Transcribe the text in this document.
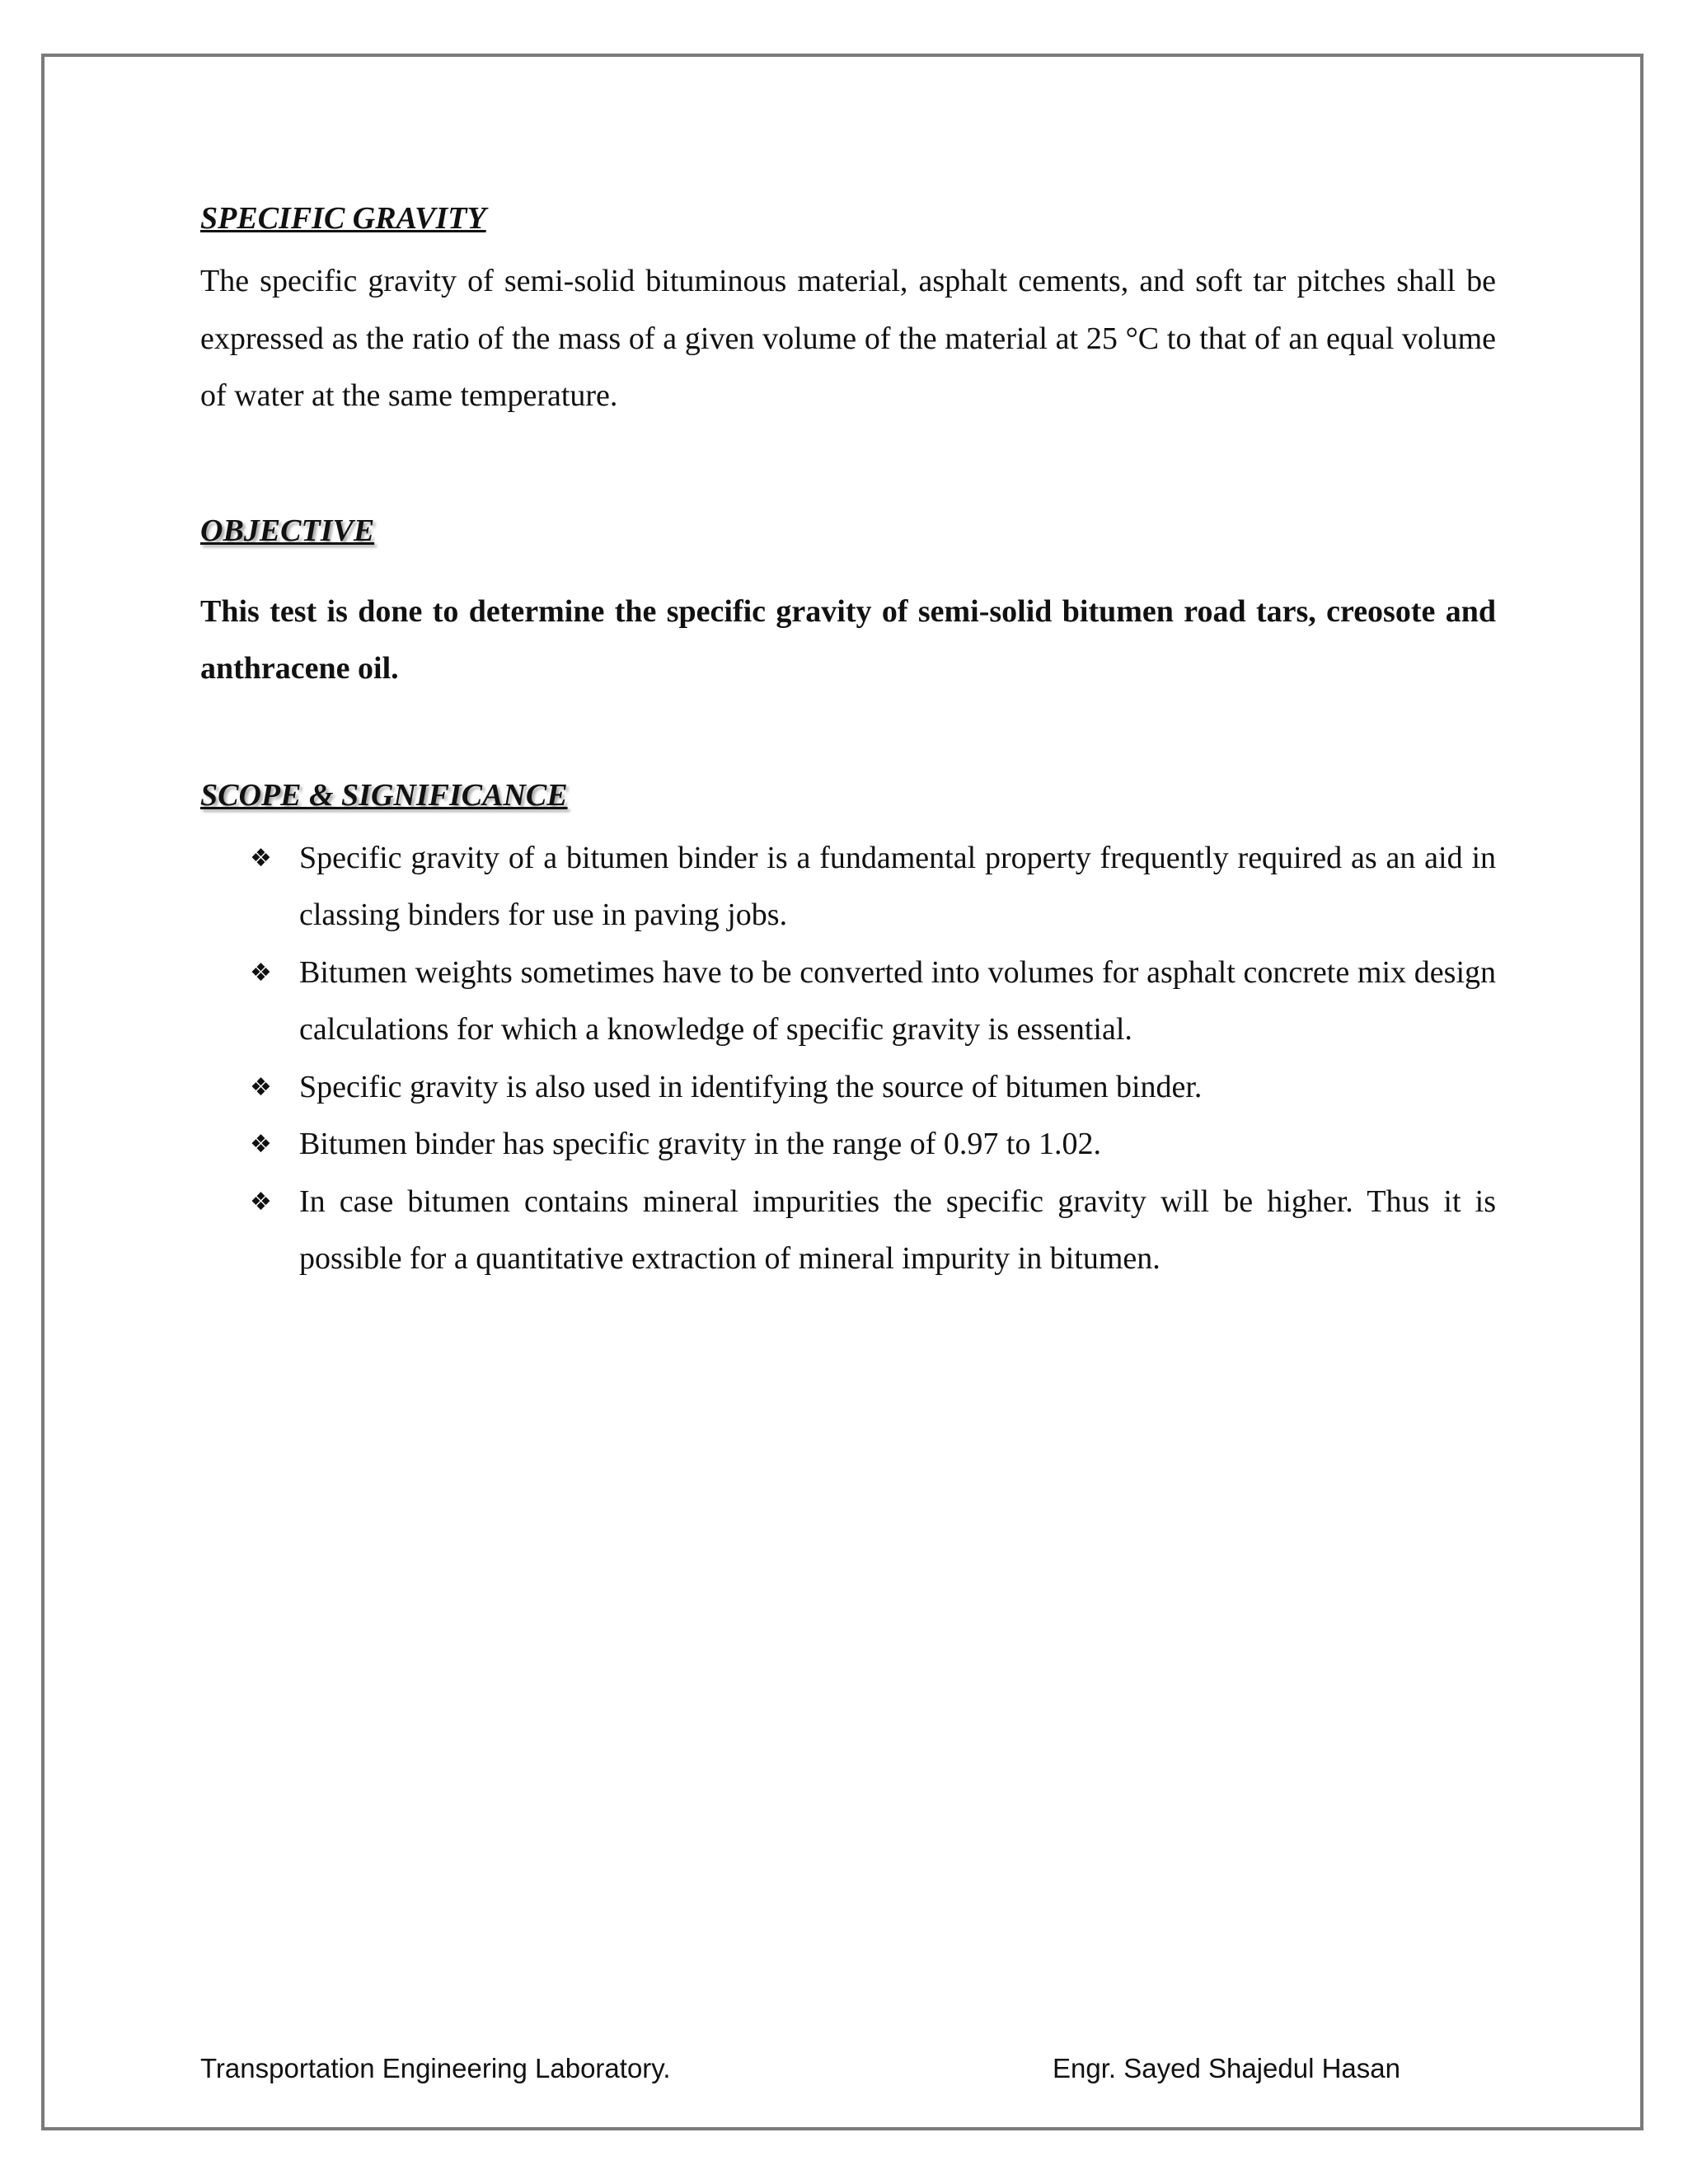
SPECIFIC GRAVITY

The specific gravity of semi-solid bituminous material, asphalt cements, and soft tar pitches shall be expressed as the ratio of the mass of a given volume of the material at 25 °C to that of an equal volume of water at the same temperature.

OBJECTIVE

This test is done to determine the specific gravity of semi-solid bitumen road tars, creosote and anthracene oil.

SCOPE & SIGNIFICANCE
❖ Specific gravity of a bitumen binder is a fundamental property frequently required as an aid in classing binders for use in paving jobs.
❖ Bitumen weights sometimes have to be converted into volumes for asphalt concrete mix design calculations for which a knowledge of specific gravity is essential.
❖ Specific gravity is also used in identifying the source of bitumen binder.
❖ Bitumen binder has specific gravity in the range of 0.97 to 1.02.
❖ In case bitumen contains mineral impurities the specific gravity will be higher. Thus it is possible for a quantitative extraction of mineral impurity in bitumen.
Transportation Engineering Laboratory.	Engr. Sayed Shajedul Hasan
